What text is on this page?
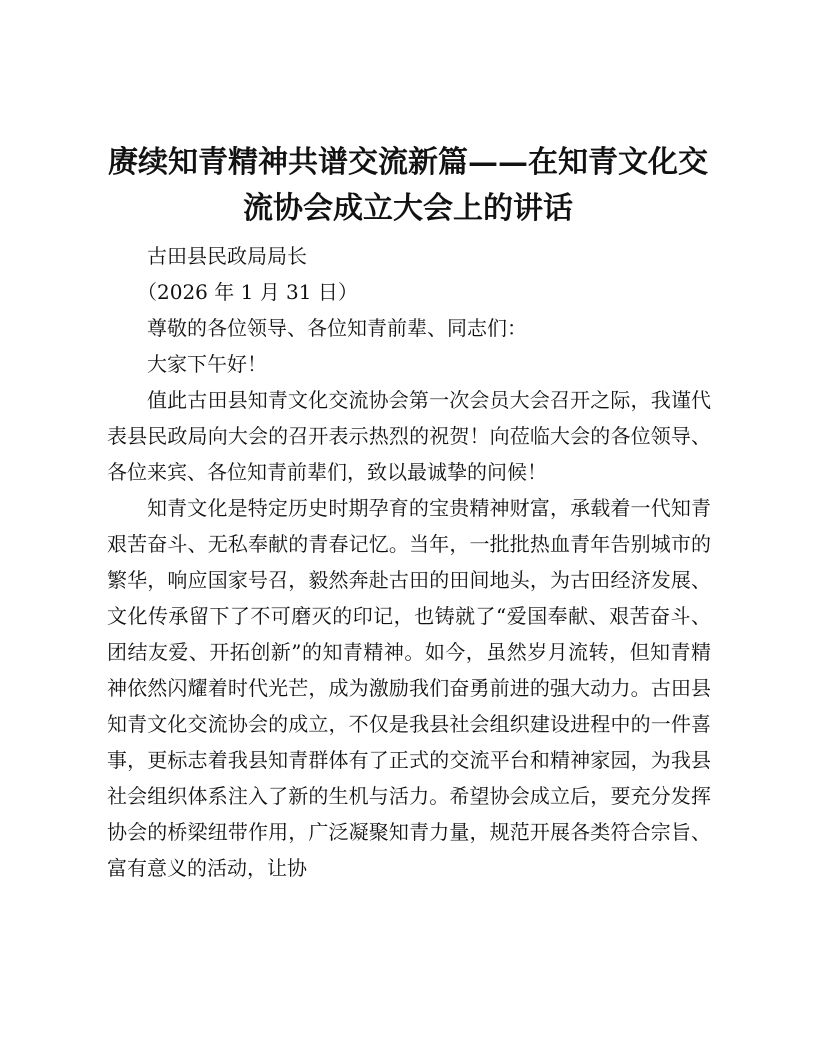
赓续知青精神共谱交流新篇——在知青文化交流协会成立大会上的讲话

古田县民政局局长

（2026 年 1 月 31 日）

尊敬的各位领导、各位知青前辈、同志们：

大家下午好！

值此古田县知青文化交流协会第一次会员大会召开之际，我谨代表县民政局向大会的召开表示热烈的祝贺！向莅临大会的各位领导、各位来宾、各位知青前辈们，致以最诚挚的问候！

知青文化是特定历史时期孕育的宝贵精神财富，承载着一代知青艰苦奋斗、无私奉献的青春记忆。当年，一批批热血青年告别城市的繁华，响应国家号召，毅然奔赴古田的田间地头，为古田经济发展、文化传承留下了不可磨灭的印记，也铸就了“爱国奉献、艰苦奋斗、团结友爱、开拓创新”的知青精神。如今，虽然岁月流转，但知青精神依然闪耀着时代光芒，成为激励我们奋勇前进的强大动力。古田县知青文化交流协会的成立，不仅是我县社会组织建设进程中的一件喜事，更标志着我县知青群体有了正式的交流平台和精神家园，为我县社会组织体系注入了新的生机与活力。希望协会成立后，要充分发挥协会的桥梁纽带作用，广泛凝聚知青力量，规范开展各类符合宗旨、富有意义的活动，让协
